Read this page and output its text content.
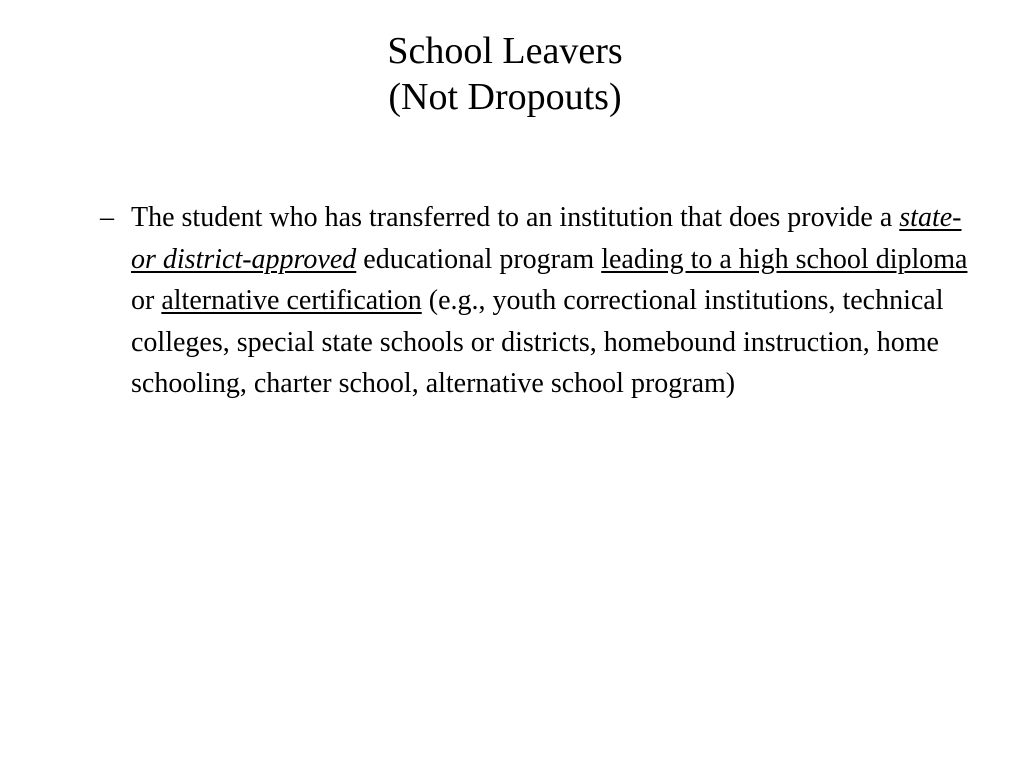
School Leavers
(Not Dropouts)
– The student who has transferred to an institution that does provide a state- or district-approved educational program leading to a high school diploma or alternative certification (e.g., youth correctional institutions, technical colleges, special state schools or districts, homebound instruction, home schooling, charter school, alternative school program)
